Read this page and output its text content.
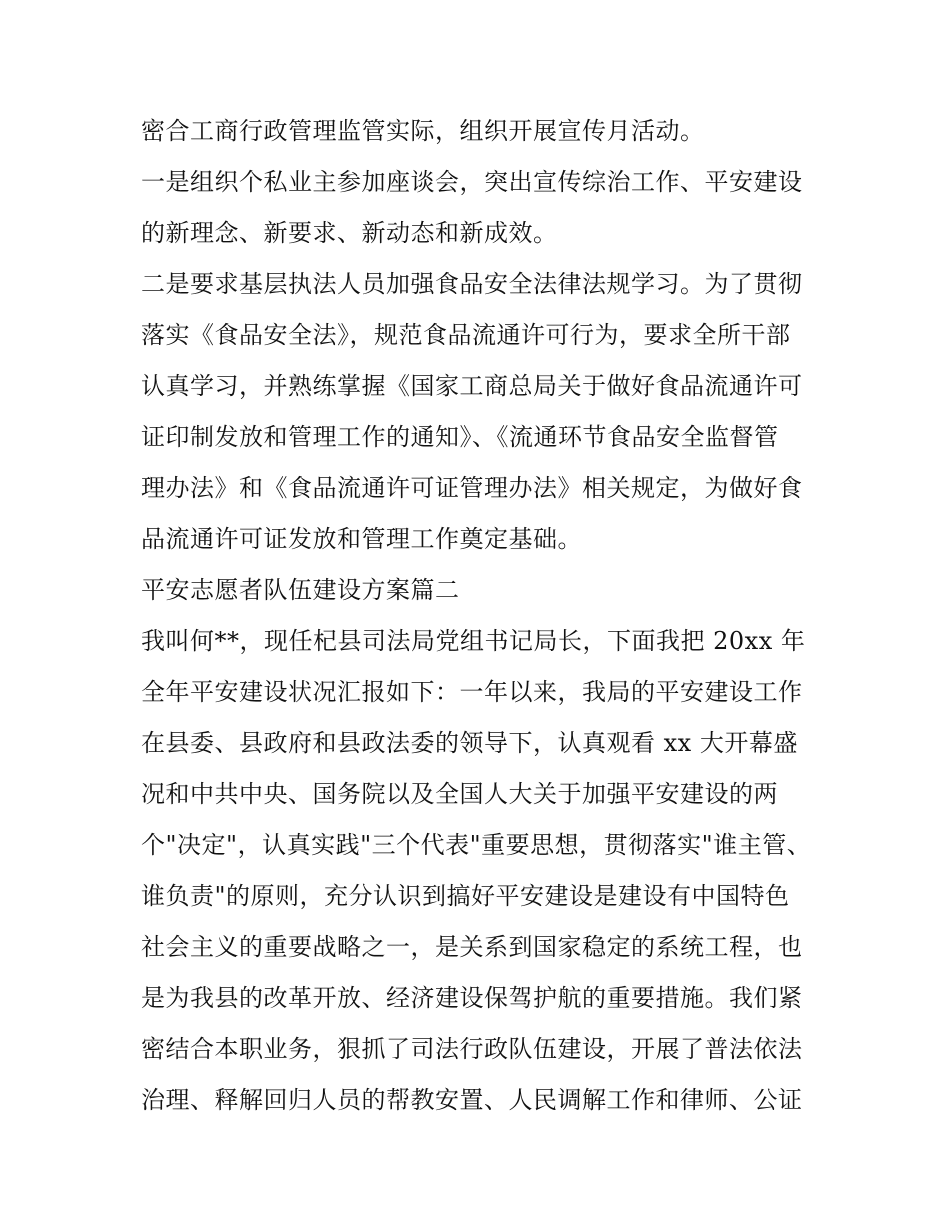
密合工商行政管理监管实际，组织开展宣传月活动。
一是组织个私业主参加座谈会，突出宣传综治工作、平安建设
的新理念、新要求、新动态和新成效。
二是要求基层执法人员加强食品安全法律法规学习。为了贯彻
落实《食品安全法》，规范食品流通许可行为，要求全所干部
认真学习，并熟练掌握《国家工商总局关于做好食品流通许可
证印制发放和管理工作的通知》、《流通环节食品安全监督管
理办法》和《食品流通许可证管理办法》相关规定，为做好食
品流通许可证发放和管理工作奠定基础。
平安志愿者队伍建设方案篇二
我叫何**，现任杞县司法局党组书记局长，下面我把 20xx 年
全年平安建设状况汇报如下：一年以来，我局的平安建设工作
在县委、县政府和县政法委的领导下，认真观看 xx 大开幕盛
况和中共中央、国务院以及全国人大关于加强平安建设的两
个"决定"，认真实践"三个代表"重要思想，贯彻落实"谁主管、
谁负责"的原则，充分认识到搞好平安建设是建设有中国特色
社会主义的重要战略之一，是关系到国家稳定的系统工程，也
是为我县的改革开放、经济建设保驾护航的重要措施。我们紧
密结合本职业务，狠抓了司法行政队伍建设，开展了普法依法
治理、释解回归人员的帮教安置、人民调解工作和律师、公证
